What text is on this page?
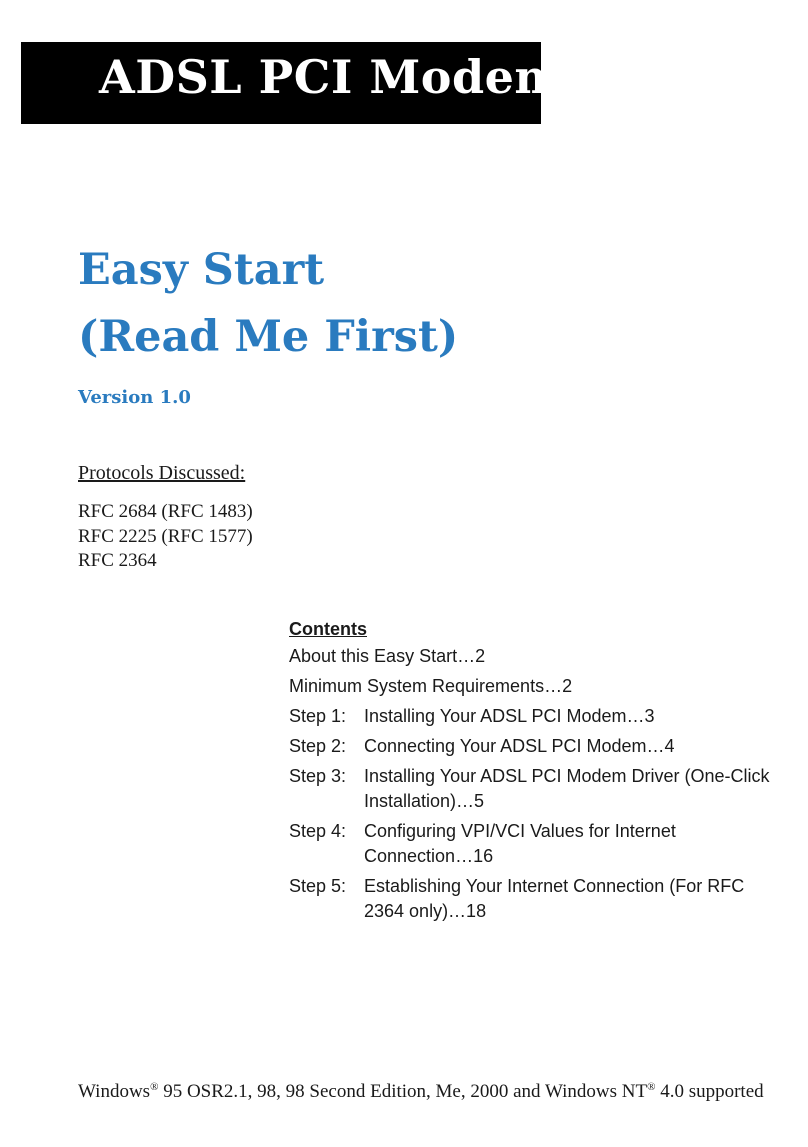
ADSL PCI Modem
Easy Start
(Read Me First)
Version 1.0
Protocols Discussed:
RFC 2684 (RFC 1483)
RFC 2225 (RFC 1577)
RFC 2364
Contents
About this Easy Start…2
Minimum System Requirements…2
Step 1: Installing Your ADSL PCI Modem…3
Step 2: Connecting Your ADSL PCI Modem…4
Step 3: Installing Your ADSL PCI Modem Driver (One-Click Installation)…5
Step 4: Configuring VPI/VCI Values for Internet Connection…16
Step 5: Establishing Your Internet Connection (For RFC 2364 only)…18
Windows® 95 OSR2.1, 98, 98 Second Edition, Me, 2000 and Windows NT® 4.0 supported
